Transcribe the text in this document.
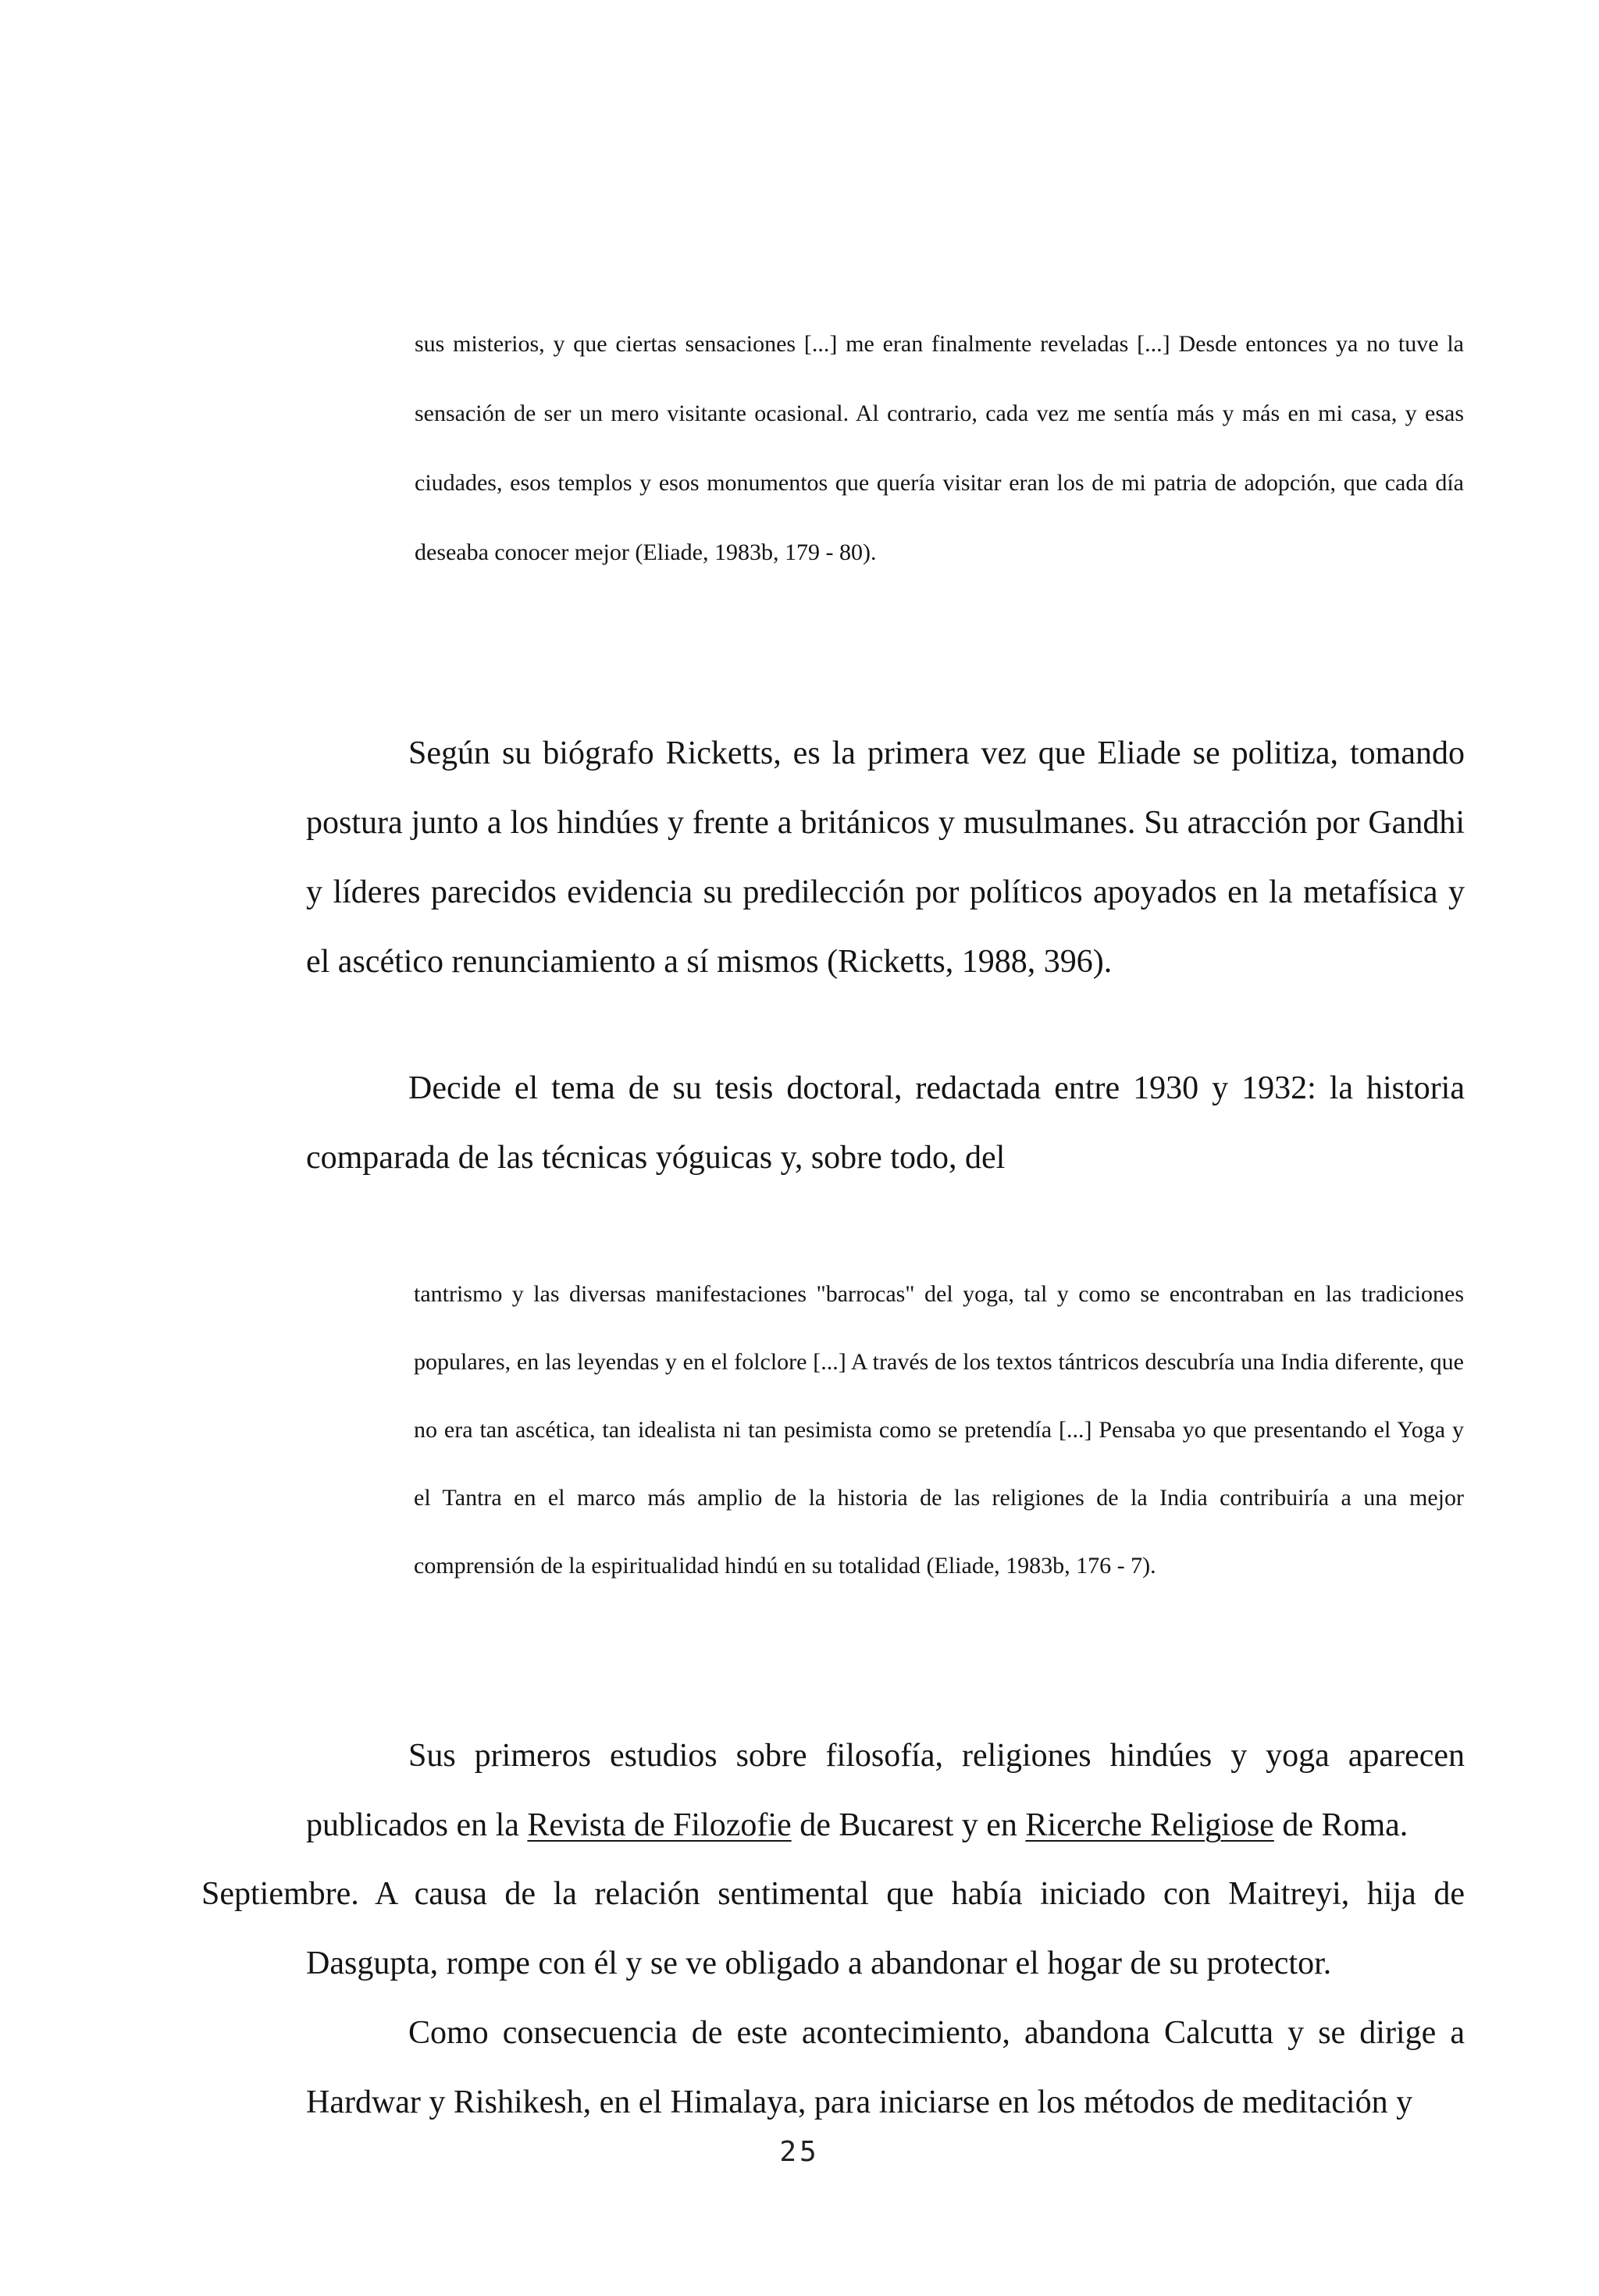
sus misterios, y que ciertas sensaciones [...] me eran finalmente reveladas [...] Desde entonces ya no tuve la sensación de ser un mero visitante ocasional. Al contrario, cada vez me sentía más y más en mi casa, y esas ciudades, esos templos y esos monumentos que quería visitar eran los de mi patria de adopción, que cada día deseaba conocer mejor (Eliade, 1983b, 179 - 80).

Según su biógrafo Ricketts, es la primera vez que Eliade se politiza, tomando postura junto a los hindúes y frente a británicos y musulmanes. Su atracción por Gandhi y líderes parecidos evidencia su predilección por políticos apoyados en la metafísica y el ascético renunciamiento a sí mismos (Ricketts, 1988, 396).

Decide el tema de su tesis doctoral, redactada entre 1930 y 1932: la historia comparada de las técnicas yóguicas y, sobre todo, del

tantrismo y las diversas manifestaciones "barrocas" del yoga, tal y como se encontraban en las tradiciones populares, en las leyendas y en el folclore [...] A través de los textos tántricos descubría una India diferente, que no era tan ascética, tan idealista ni tan pesimista como se pretendía [...] Pensaba yo que presentando el Yoga y el Tantra en el marco más amplio de la historia de las religiones de la India contribuiría a una mejor comprensión de la espiritualidad hindú en su totalidad (Eliade, 1983b, 176 - 7).

Sus primeros estudios sobre filosofía, religiones hindúes y yoga aparecen publicados en la Revista de Filozofie de Bucarest y en Ricerche Religiose de Roma.

Septiembre. A causa de la relación sentimental que había iniciado con Maitreyi, hija de Dasgupta, rompe con él y se ve obligado a abandonar el hogar de su protector.

Como consecuencia de este acontecimiento, abandona Calcutta y se dirige a Hardwar y Rishikesh, en el Himalaya, para iniciarse en los métodos de meditación y

25
